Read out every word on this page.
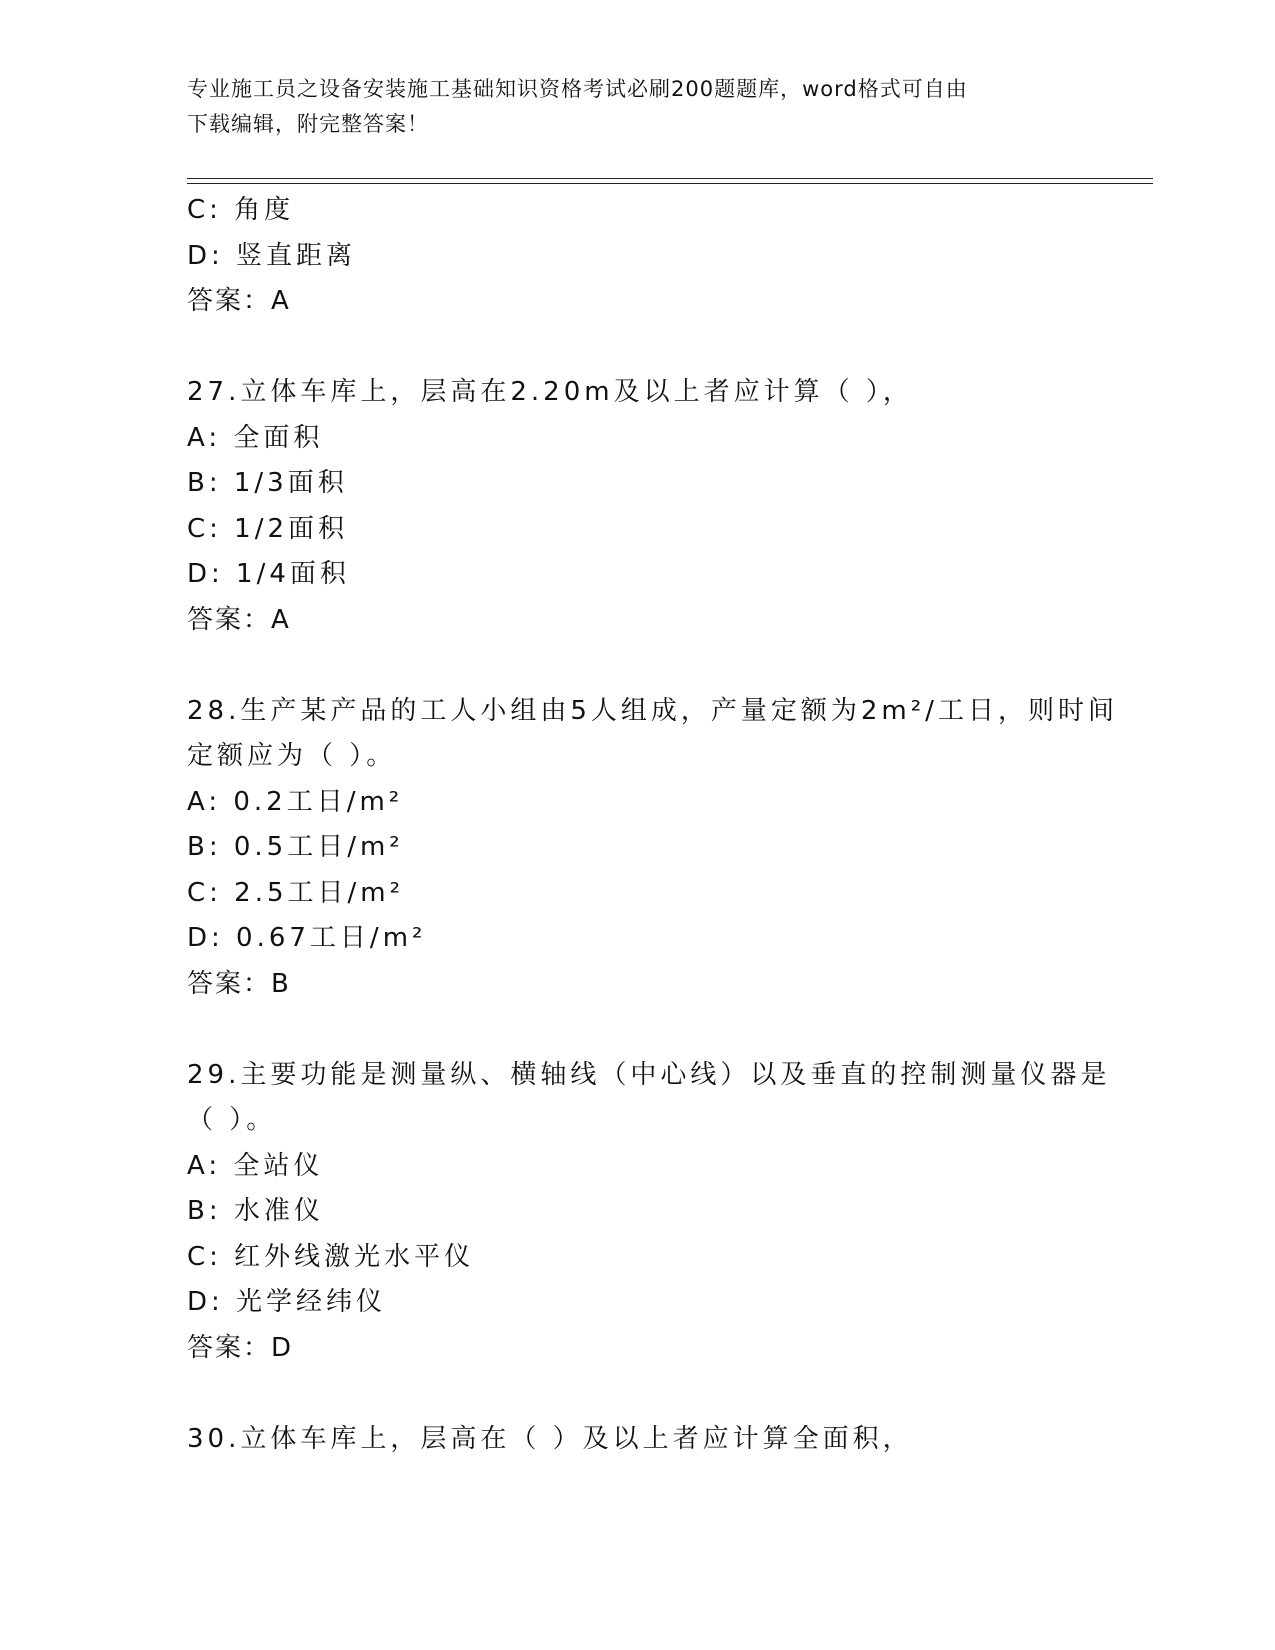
专业施工员之设备安装施工基础知识资格考试必刷200题题库，word格式可自由
下载编辑，附完整答案！
C: 角度
D: 竖直距离
答案：A
27.立体车库上，层高在2.20m及以上者应计算（ ），
A: 全面积
B: 1/3面积
C: 1/2面积
D: 1/4面积
答案：A
28.生产某产品的工人小组由5人组成，产量定额为2m²/工日，则时间
定额应为（ ）。
A: 0.2工日/m²
B: 0.5工日/m²
C: 2.5工日/m²
D: 0.67工日/m²
答案：B
29.主要功能是测量纵、横轴线（中心线）以及垂直的控制测量仪器是
（ ）。
A: 全站仪
B: 水准仪
C: 红外线激光水平仪
D: 光学经纬仪
答案：D
30.立体车库上，层高在（ ）及以上者应计算全面积，
